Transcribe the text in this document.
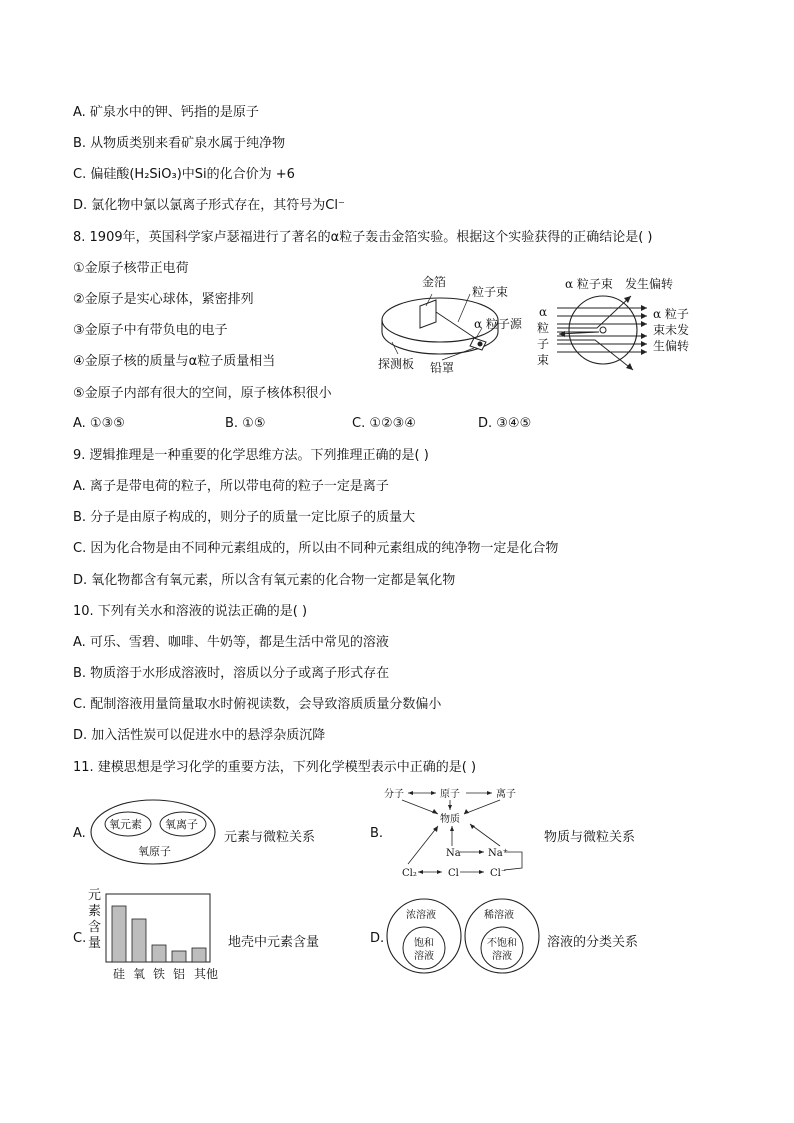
A. 矿泉水中的钾、钙指的是原子
B. 从物质类别来看矿泉水属于纯净物
C. 偏硅酸(H₂SiO₃)中Si的化合价为 +6
D. 氯化物中氯以氯离子形式存在，其符号为Cl⁻
8. 1909年，英国科学家卢瑟福进行了著名的α粒子轰击金箔实验。根据这个实验获得的正确结论是( )
①金原子核带正电荷
②金原子是实心球体，紧密排列
③金原子中有带负电的电子
④金原子核的质量与α粒子质量相当
⑤金原子内部有很大的空间，原子核体积很小
A. ①③⑤	B. ①⑤	C. ①②③④	D. ③④⑤
金箔
粒子束
α 粒子源
探测板 铅罩
α 粒子束 发生偏转
α
粒
子
束
α 粒子
束未发
生偏转
9. 逻辑推理是一种重要的化学思维方法。下列推理正确的是( )
A. 离子是带电荷的粒子，所以带电荷的粒子一定是离子
B. 分子是由原子构成的，则分子的质量一定比原子的质量大
C. 因为化合物是由不同种元素组成的，所以由不同种元素组成的纯净物一定是化合物
D. 氧化物都含有氧元素，所以含有氧元素的化合物一定都是氧化物
10. 下列有关水和溶液的说法正确的是( )
A. 可乐、雪碧、咖啡、牛奶等，都是生活中常见的溶液
B. 物质溶于水形成溶液时，溶质以分子或离子形式存在
C. 配制溶液用量筒量取水时俯视读数，会导致溶质质量分数偏小
D. 加入活性炭可以促进水中的悬浮杂质沉降
11. 建模思想是学习化学的重要方法，下列化学模型表示中正确的是( )
A.
氧元素 氧离子
氧原子
元素与微粒关系	B.
分子	原子	离子
物质
Na	Na⁺
Cl₂	Cl	Cl⁻
物质与微粒关系
C.
元
素
含
量
硅 氧 铁 铝 其他
地壳中元素含量	D.
浓溶液	稀溶液
饱和
溶液
不饱和
溶液
溶液的分类关系
